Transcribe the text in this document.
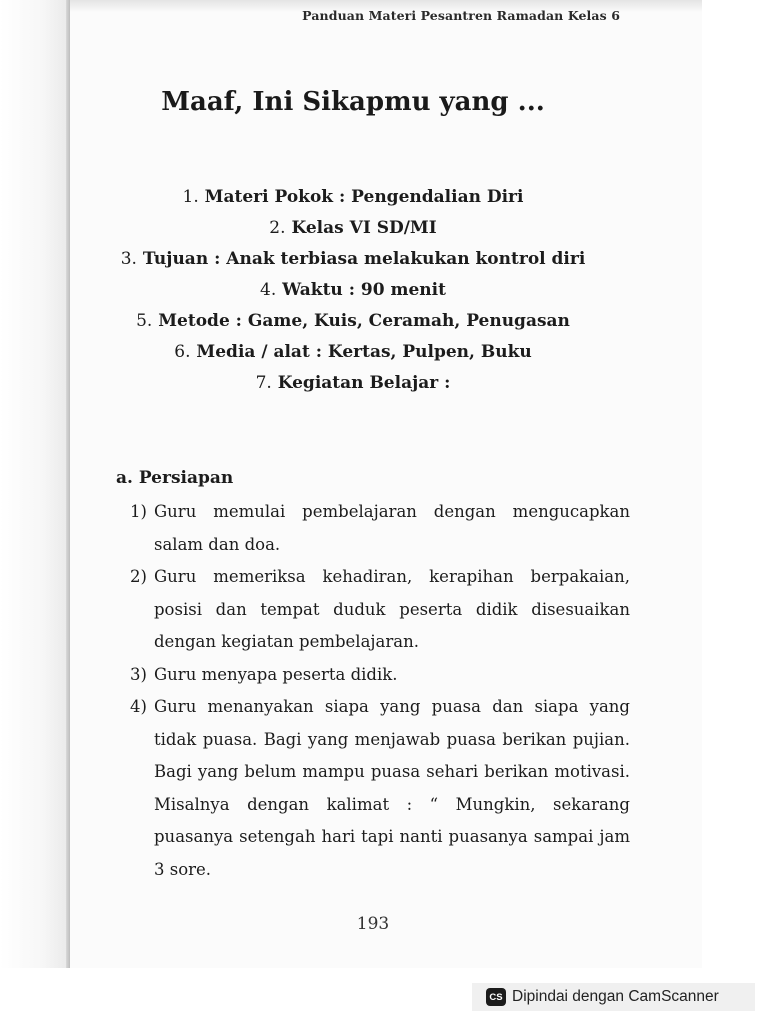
Panduan Materi Pesantren Ramadan Kelas 6
Maaf, Ini Sikapmu yang ...
1. Materi Pokok : Pengendalian Diri
2. Kelas VI SD/MI
3. Tujuan : Anak terbiasa melakukan kontrol diri
4. Waktu : 90 menit
5. Metode : Game, Kuis, Ceramah, Penugasan
6. Media / alat : Kertas, Pulpen, Buku
7. Kegiatan Belajar :
a. Persiapan
1) Guru memulai pembelajaran dengan mengucapkan salam dan doa.
2) Guru memeriksa kehadiran, kerapihan berpakaian, posisi dan tempat duduk peserta didik disesuaikan dengan kegiatan pembelajaran.
3) Guru menyapa peserta didik.
4) Guru menanyakan siapa yang puasa dan siapa yang tidak puasa. Bagi yang menjawab puasa berikan pujian. Bagi yang belum mampu puasa sehari berikan motivasi. Misalnya dengan kalimat : “ Mungkin, sekarang puasanya setengah hari tapi nanti puasanya sampai jam 3 sore.
193
CS Dipindai dengan CamScanner
